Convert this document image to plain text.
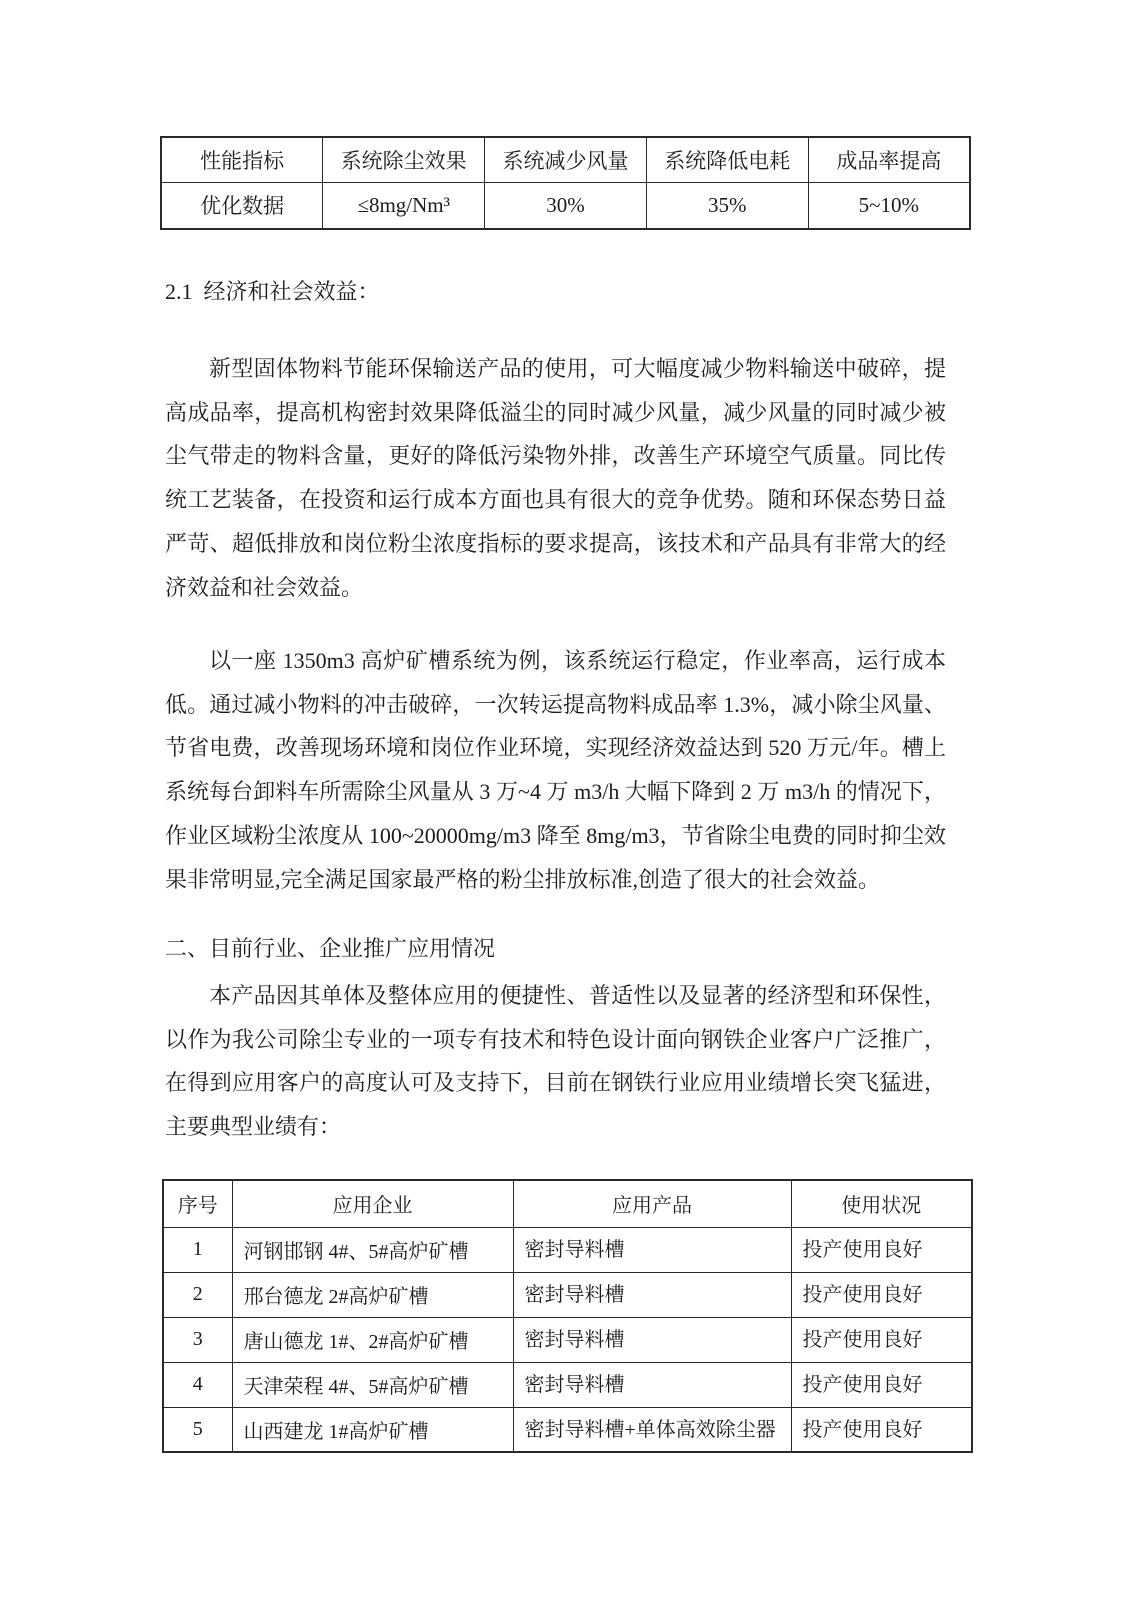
性能指标	系统除尘效果	系统减少风量	系统降低电耗	成品率提高
优化数据	≤8mg/Nm³	30%	35%	5~10%
2.1  经济和社会效益：
新型固体物料节能环保输送产品的使用，可大幅度减少物料输送中破碎，提高成品率，提高机构密封效果降低溢尘的同时减少风量，减少风量的同时减少被尘气带走的物料含量，更好的降低污染物外排，改善生产环境空气质量。同比传统工艺装备，在投资和运行成本方面也具有很大的竞争优势。随和环保态势日益严苛、超低排放和岗位粉尘浓度指标的要求提高，该技术和产品具有非常大的经济效益和社会效益。
以一座 1350m3 高炉矿槽系统为例，该系统运行稳定，作业率高，运行成本低。通过减小物料的冲击破碎，一次转运提高物料成品率 1.3%，减小除尘风量、节省电费，改善现场环境和岗位作业环境，实现经济效益达到 520 万元/年。槽上系统每台卸料车所需除尘风量从 3 万~4 万 m3/h 大幅下降到 2 万 m3/h 的情况下，作业区域粉尘浓度从 100~20000mg/m3 降至 8mg/m3，节省除尘电费的同时抑尘效果非常明显,完全满足国家最严格的粉尘排放标准,创造了很大的社会效益。
二、目前行业、企业推广应用情况
本产品因其单体及整体应用的便捷性、普适性以及显著的经济型和环保性，以作为我公司除尘专业的一项专有技术和特色设计面向钢铁企业客户广泛推广，在得到应用客户的高度认可及支持下，目前在钢铁行业应用业绩增长突飞猛进，主要典型业绩有：
序号	应用企业	应用产品	使用状况
1	河钢邯钢 4#、5#高炉矿槽	密封导料槽	投产使用良好
2	邢台德龙 2#高炉矿槽	密封导料槽	投产使用良好
3	唐山德龙 1#、2#高炉矿槽	密封导料槽	投产使用良好
4	天津荣程 4#、5#高炉矿槽	密封导料槽	投产使用良好
5	山西建龙 1#高炉矿槽	密封导料槽+单体高效除尘器	投产使用良好
